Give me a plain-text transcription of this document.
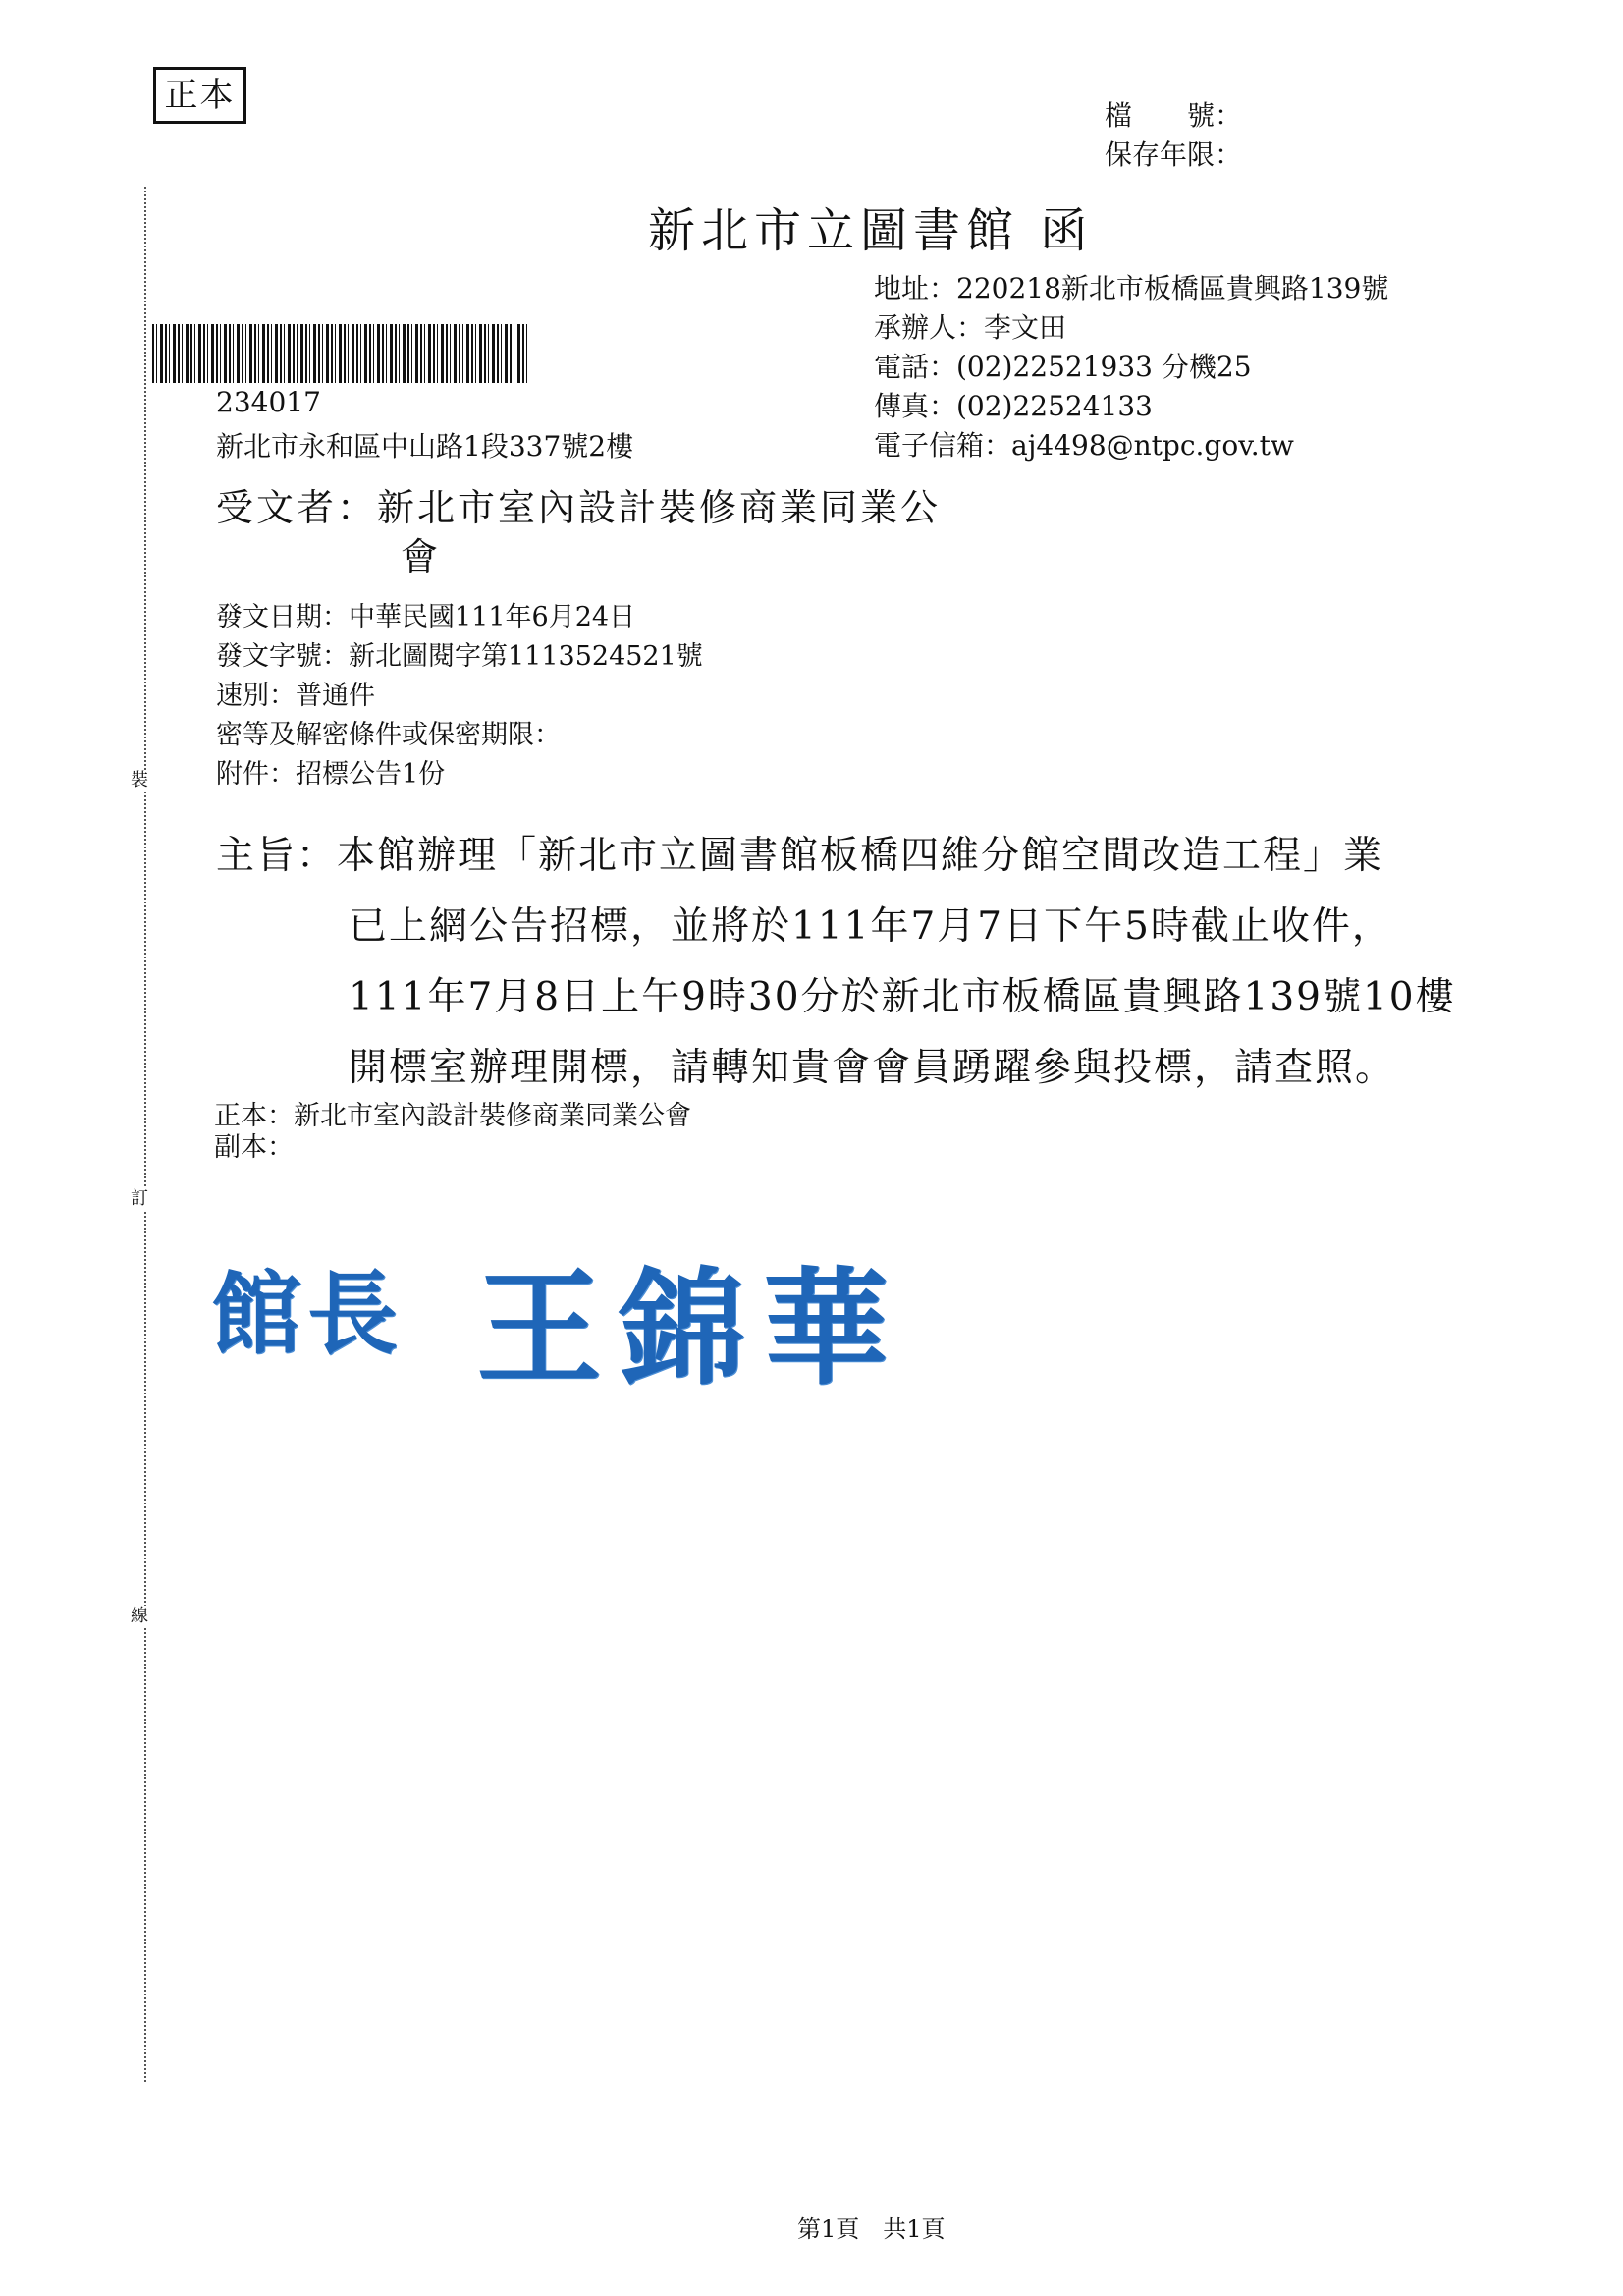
正本
檔　　號：
保存年限：
新北市立圖書館 函
地址：220218新北市板橋區貴興路139號
承辦人：李文田
電話：(02)22521933 分機25
傳真：(02)22524133
電子信箱：aj4498@ntpc.gov.tw
234017
新北市永和區中山路1段337號2樓
受文者：新北市室內設計裝修商業同業公
會
發文日期：中華民國111年6月24日
發文字號：新北圖閱字第1113524521號
速別：普通件
密等及解密條件或保密期限：
附件：招標公告1份
主旨：本館辦理「新北市立圖書館板橋四維分館空間改造工程」業
已上網公告招標，並將於111年7月7日下午5時截止收件，
111年7月8日上午9時30分於新北市板橋區貴興路139號10樓
開標室辦理開標，請轉知貴會會員踴躍參與投標，請查照。
正本：新北市室內設計裝修商業同業公會
副本：
裝
訂
線
館長 王錦華
第1頁　共1頁
